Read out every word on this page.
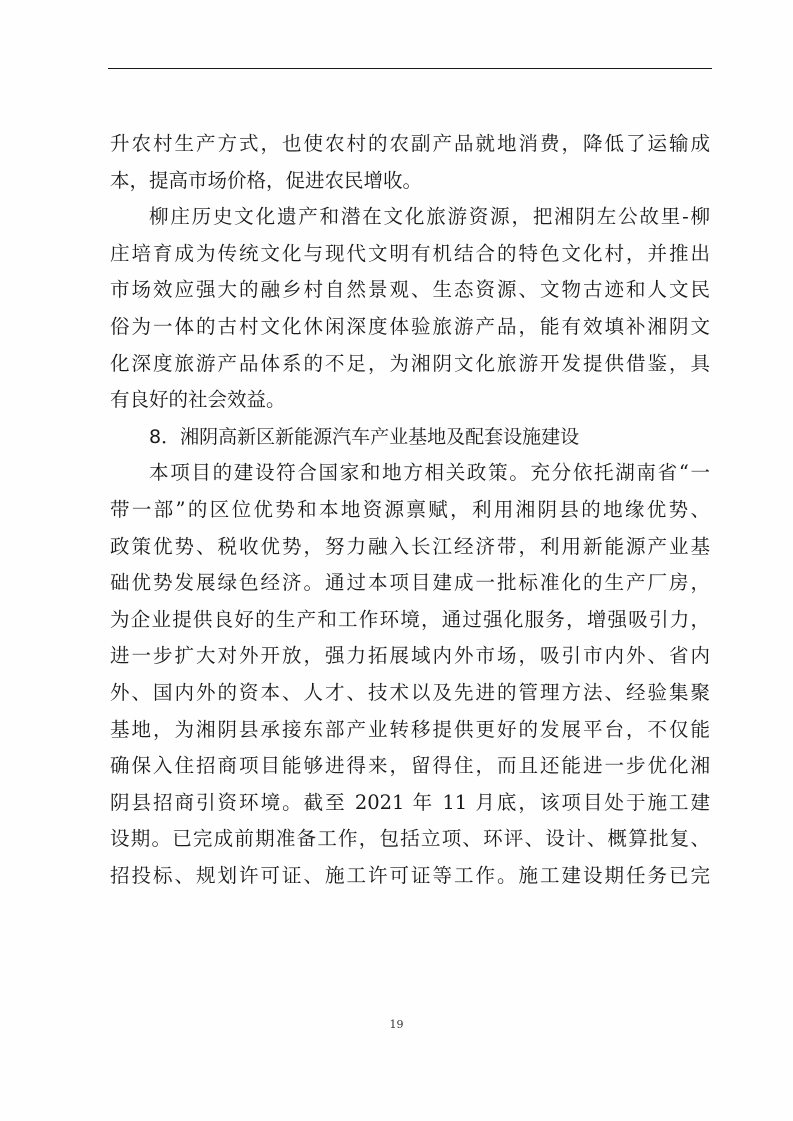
升农村生产方式，也使农村的农副产品就地消费，降低了运输成
本，提高市场价格，促进农民增收。
柳庄历史文化遗产和潜在文化旅游资源，把湘阴左公故里-柳
庄培育成为传统文化与现代文明有机结合的特色文化村，并推出
市场效应强大的融乡村自然景观、生态资源、文物古迹和人文民
俗为一体的古村文化休闲深度体验旅游产品，能有效填补湘阴文
化深度旅游产品体系的不足，为湘阴文化旅游开发提供借鉴，具
有良好的社会效益。
8．湘阴高新区新能源汽车产业基地及配套设施建设
本项目的建设符合国家和地方相关政策。充分依托湖南省“一
带一部”的区位优势和本地资源禀赋，利用湘阴县的地缘优势、
政策优势、税收优势，努力融入长江经济带，利用新能源产业基
础优势发展绿色经济。通过本项目建成一批标准化的生产厂房，
为企业提供良好的生产和工作环境，通过强化服务，增强吸引力，
进一步扩大对外开放，强力拓展域内外市场，吸引市内外、省内
外、国内外的资本、人才、技术以及先进的管理方法、经验集聚
基地，为湘阴县承接东部产业转移提供更好的发展平台，不仅能
确保入住招商项目能够进得来，留得住，而且还能进一步优化湘
阴县招商引资环境。截至 2021 年 11 月底，该项目处于施工建
设期。已完成前期准备工作，包括立项、环评、设计、概算批复、
招投标、规划许可证、施工许可证等工作。施工建设期任务已完
19
